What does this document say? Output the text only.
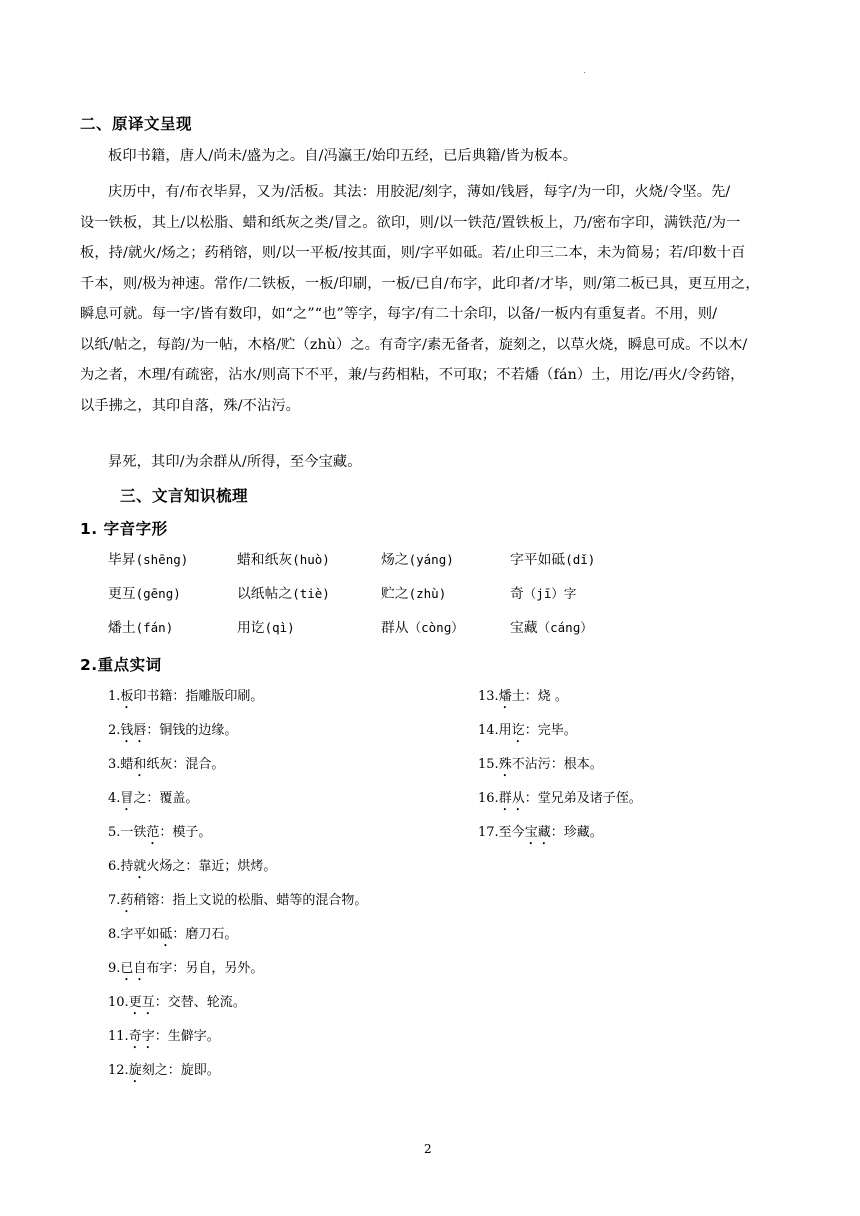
.
二、原译文呈现
板印书籍，唐人/尚未/盛为之。自/冯瀛王/始印五经，已后典籍/皆为板本。
庆历中，有/布衣毕昇，又为/活板。其法：用胶泥/刻字，薄如/钱唇，每字/为一印，火烧/令坚。先/
设一铁板，其上/以松脂、蜡和纸灰之类/冒之。欲印，则/以一铁范/置铁板上，乃/密布字印，满铁范/为一
板，持/就火/炀之；药稍镕，则/以一平板/按其面，则/字平如砥。若/止印三二本，未为简易；若/印数十百
千本，则/极为神速。常作/二铁板，一板/印刷，一板/已自/布字，此印者/才毕，则/第二板已具，更互用之，
瞬息可就。每一字/皆有数印，如“之”“也”等字，每字/有二十余印，以备/一板内有重复者。不用，则/
以纸/帖之，每韵/为一帖，木格/贮（zhù）之。有奇字/素无备者，旋刻之，以草火烧，瞬息可成。不以木/
为之者，木理/有疏密，沾水/则高下不平，兼/与药相粘，不可取；不若燔（fán）土，用讫/再火/令药镕，
以手拂之，其印自落，殊/不沾污。
昇死，其印/为余群从/所得，至今宝藏。
三、文言知识梳理
1. 字音字形
毕昇(shēng)	蜡和纸灰(huò)	炀之(yáng)	字平如砥(dǐ)
更互(gēng)	以纸帖之(tiè)	贮之(zhù)	奇（jī）字
燔土(fán)	用讫(qì)	群从（cònɡ）	宝藏（cánɡ）
2.重点实词
1.板印书籍：指雕版印刷。
2.钱唇：铜钱的边缘。
3.蜡和纸灰：混合。
4.冒之：覆盖。
5.一铁范：模子。
6.持就火炀之：靠近；烘烤。
7.药稍镕：指上文说的松脂、蜡等的混合物。
8.字平如砥：磨刀石。
9.已自布字：另自，另外。
10.更互：交替、轮流。
11.奇字：生僻字。
12.旋刻之：旋即。
13.燔土：烧 。
14.用讫：完毕。
15.殊不沾污：根本。
16.群从：堂兄弟及诸子侄。
17.至今宝藏：珍藏。
2
